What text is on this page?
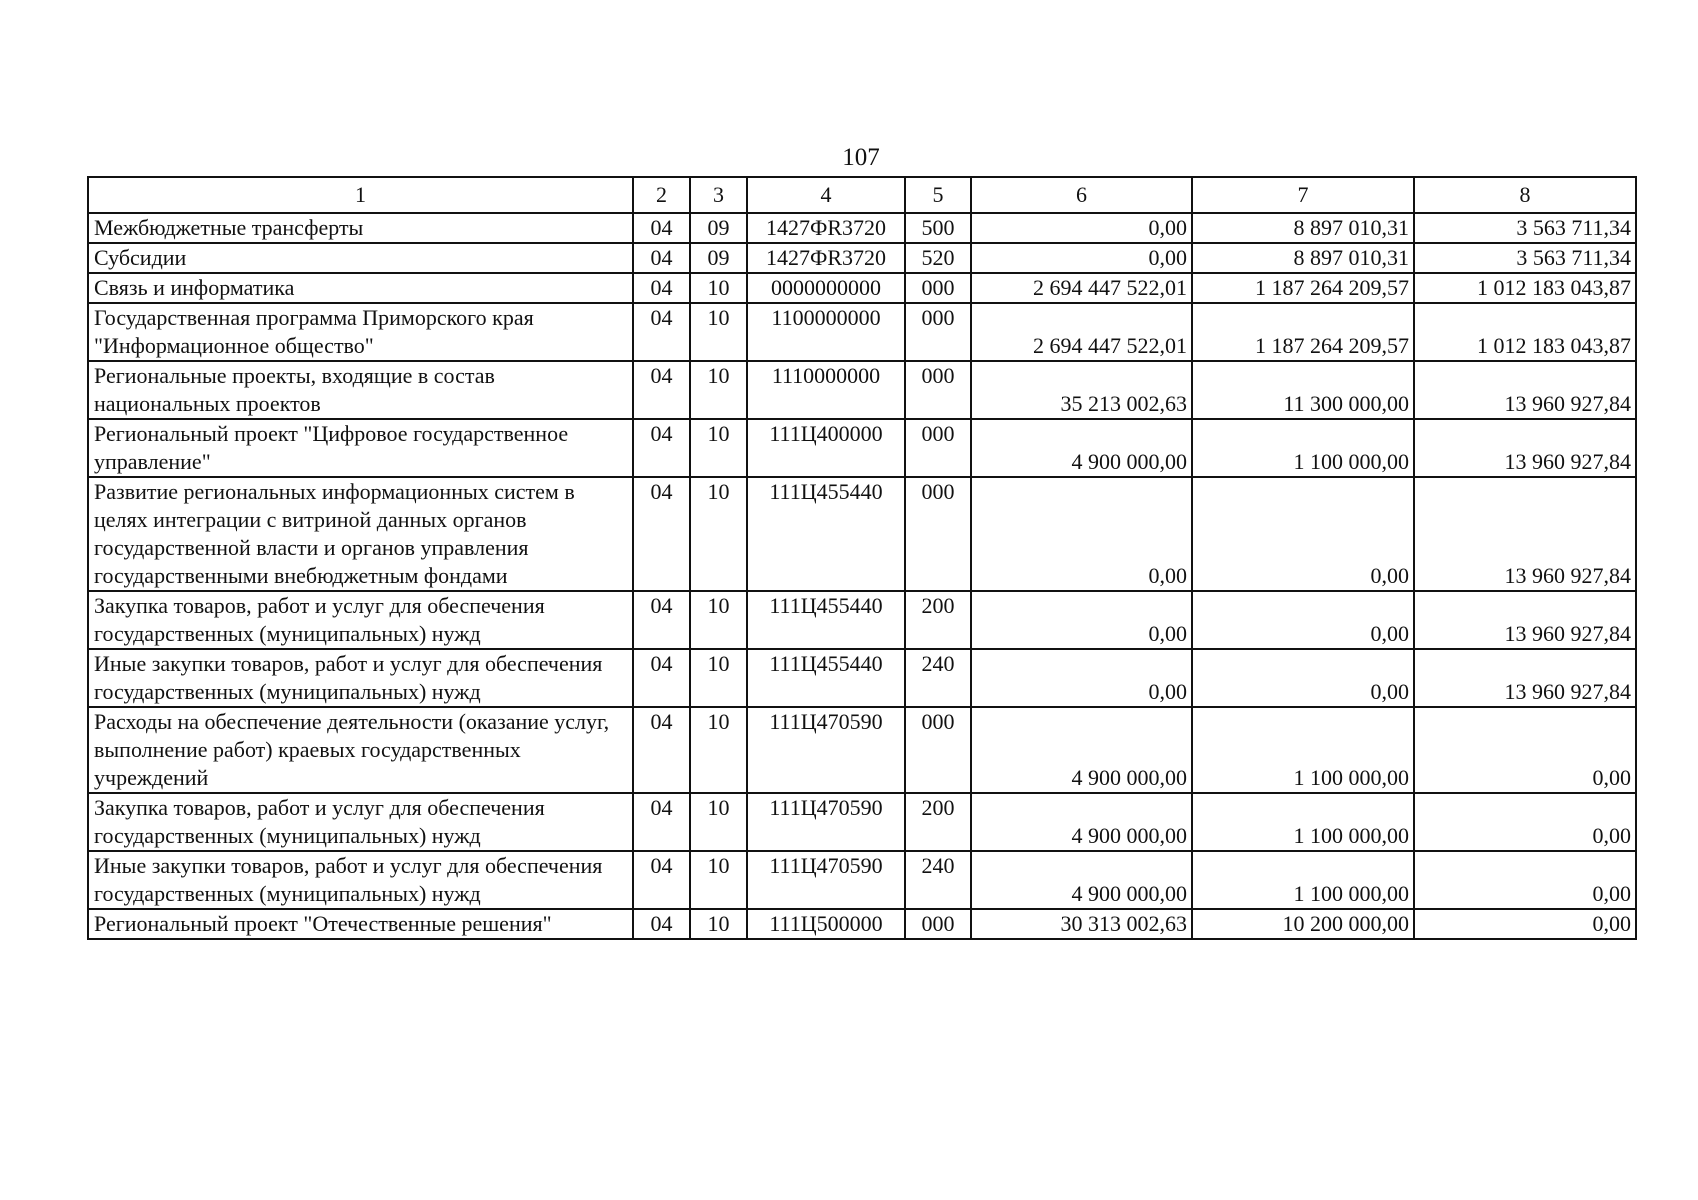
107
1	2	3	4	5	6	7	8
Межбюджетные трансферты	04	09	1427ФR3720	500	0,00	8 897 010,31	3 563 711,34
Субсидии	04	09	1427ФR3720	520	0,00	8 897 010,31	3 563 711,34
Связь и информатика	04	10	0000000000	000	2 694 447 522,01	1 187 264 209,57	1 012 183 043,87
Государственная программа Приморского края "Информационное общество"	04	10	1100000000	000	2 694 447 522,01	1 187 264 209,57	1 012 183 043,87
Региональные проекты, входящие в состав национальных проектов	04	10	1110000000	000	35 213 002,63	11 300 000,00	13 960 927,84
Региональный проект "Цифровое государственное управление"	04	10	111Ц400000	000	4 900 000,00	1 100 000,00	13 960 927,84
Развитие региональных информационных систем в целях интеграции с витриной данных органов государственной власти и органов управления государственными внебюджетным фондами	04	10	111Ц455440	000	0,00	0,00	13 960 927,84
Закупка товаров, работ и услуг для обеспечения государственных (муниципальных) нужд	04	10	111Ц455440	200	0,00	0,00	13 960 927,84
Иные закупки товаров, работ и услуг для обеспечения государственных (муниципальных) нужд	04	10	111Ц455440	240	0,00	0,00	13 960 927,84
Расходы на обеспечение деятельности (оказание услуг, выполнение работ) краевых государственных учреждений	04	10	111Ц470590	000	4 900 000,00	1 100 000,00	0,00
Закупка товаров, работ и услуг для обеспечения государственных (муниципальных) нужд	04	10	111Ц470590	200	4 900 000,00	1 100 000,00	0,00
Иные закупки товаров, работ и услуг для обеспечения государственных (муниципальных) нужд	04	10	111Ц470590	240	4 900 000,00	1 100 000,00	0,00
Региональный проект "Отечественные решения"	04	10	111Ц500000	000	30 313 002,63	10 200 000,00	0,00
